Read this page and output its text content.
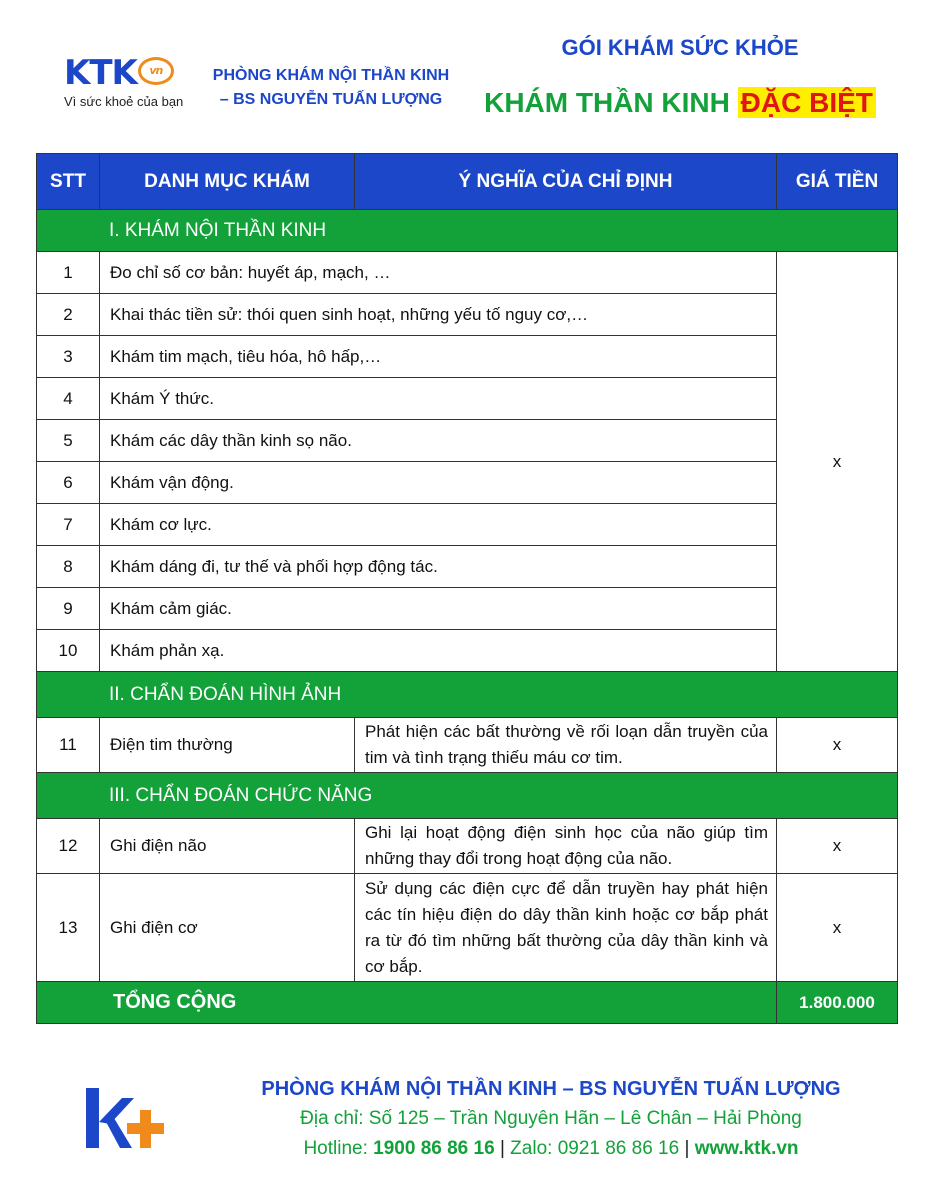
KTK	vn
Vì sức khoẻ của bạn
PHÒNG KHÁM NỘI THẦN KINH
– BS NGUYỄN TUẤN LƯỢNG
GÓI KHÁM SỨC KHỎE
KHÁM THẦN KINH ĐẶC BIỆT
STT	DANH MỤC KHÁM	Ý NGHĨA CỦA CHỈ ĐỊNH	GIÁ TIỀN
I. KHÁM NỘI THẦN KINH			
1	Đo chỉ số cơ bản: huyết áp, mạch, …		x
2	Khai thác tiền sử: thói quen sinh hoạt, những yếu tố nguy cơ,…		
3	Khám tim mạch, tiêu hóa, hô hấp,…		
4	Khám Ý thức.		
5	Khám các dây thần kinh sọ não.		
6	Khám vận động.		
7	Khám cơ lực.		
8	Khám dáng đi, tư thế và phối hợp động tác.		
9	Khám cảm giác.		
10	Khám phản xạ.		
II. CHẨN ĐOÁN HÌNH ẢNH			
11	Điện tim thường	Phát hiện các bất thường về rối loạn dẫn truyền của tim và tình trạng thiếu máu cơ tim.	x
III. CHẨN ĐOÁN CHỨC NĂNG			
12	Ghi điện não	Ghi lại hoạt động điện sinh học của não giúp tìm những thay đổi trong hoạt động của não.	x
13	Ghi điện cơ	Sử dụng các điện cực để dẫn truyền hay phát hiện các tín hiệu điện do dây thần kinh hoặc cơ bắp phát ra từ đó tìm những bất thường của dây thần kinh và cơ bắp.	x
TỔNG CỘNG			1.800.000
PHÒNG KHÁM NỘI THẦN KINH – BS NGUYỄN TUẤN LƯỢNG
Địa chỉ: Số 125 – Trần Nguyên Hãn – Lê Chân – Hải Phòng
Hotline: 1900 86 86 16 | Zalo: 0921 86 86 16 | www.ktk.vn
